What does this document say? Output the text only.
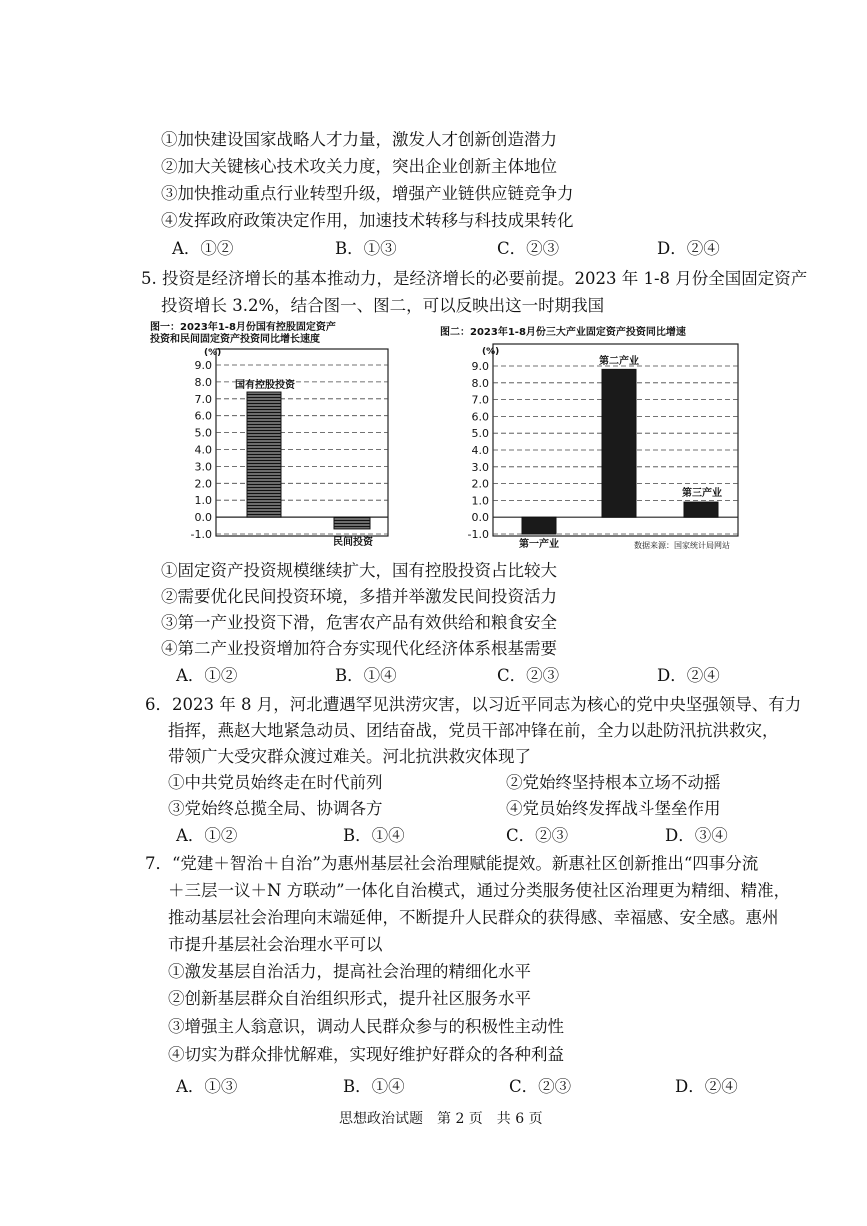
①加快建设国家战略人才力量，激发人才创新创造潜力
②加大关键核心技术攻关力度，突出企业创新主体地位
③加快推动重点行业转型升级，增强产业链供应链竞争力
④发挥政府政策决定作用，加速技术转移与科技成果转化
A．①②	B．①③	C．②③	D．②④
5. 投资是经济增长的基本推动力，是经济增长的必要前提。2023 年 1-8 月份全国固定资产
投资增长 3.2%，结合图一、图二，可以反映出这一时期我国
图一：2023年1-8月份国有控股固定资产
投资和民间固定资产投资同比增长速度
(%)
9.0
8.0
7.0
6.0
5.0
4.0
3.0
2.0
1.0
0.0
-1.0
国有控股投资
民间投资
图二：2023年1-8月份三大产业固定资产投资同比增速
(%)
9.0
8.0
7.0
6.0
5.0
4.0
3.0
2.0
1.0
0.0
-1.0
第一产业
第二产业
第三产业
数据来源：国家统计局网站
①固定资产投资规模继续扩大，国有控股投资占比较大
②需要优化民间投资环境，多措并举激发民间投资活力
③第一产业投资下滑，危害农产品有效供给和粮食安全
④第二产业投资增加符合夯实现代化经济体系根基需要
A．①②	B．①④	C．②③	D．②④
6．2023 年 8 月，河北遭遇罕见洪涝灾害，以习近平同志为核心的党中央坚强领导、有力
指挥，燕赵大地紧急动员、团结奋战，党员干部冲锋在前，全力以赴防汛抗洪救灾，
带领广大受灾群众渡过难关。河北抗洪救灾体现了
①中共党员始终走在时代前列	②党始终坚持根本立场不动摇
③党始终总揽全局、协调各方	④党员始终发挥战斗堡垒作用
A．①②	B．①④	C．②③	D．③④
7．“党建＋智治＋自治”为惠州基层社会治理赋能提效。新惠社区创新推出“四事分流
＋三层一议＋N 方联动”一体化自治模式，通过分类服务使社区治理更为精细、精准，
推动基层社会治理向末端延伸，不断提升人民群众的获得感、幸福感、安全感。惠州
市提升基层社会治理水平可以
①激发基层自治活力，提高社会治理的精细化水平
②创新基层群众自治组织形式，提升社区服务水平
③增强主人翁意识，调动人民群众参与的积极性主动性
④切实为群众排忧解难，实现好维护好群众的各种利益
A．①③	B．①④	C．②③	D．②④
思想政治试题　第 2 页　共 6 页
